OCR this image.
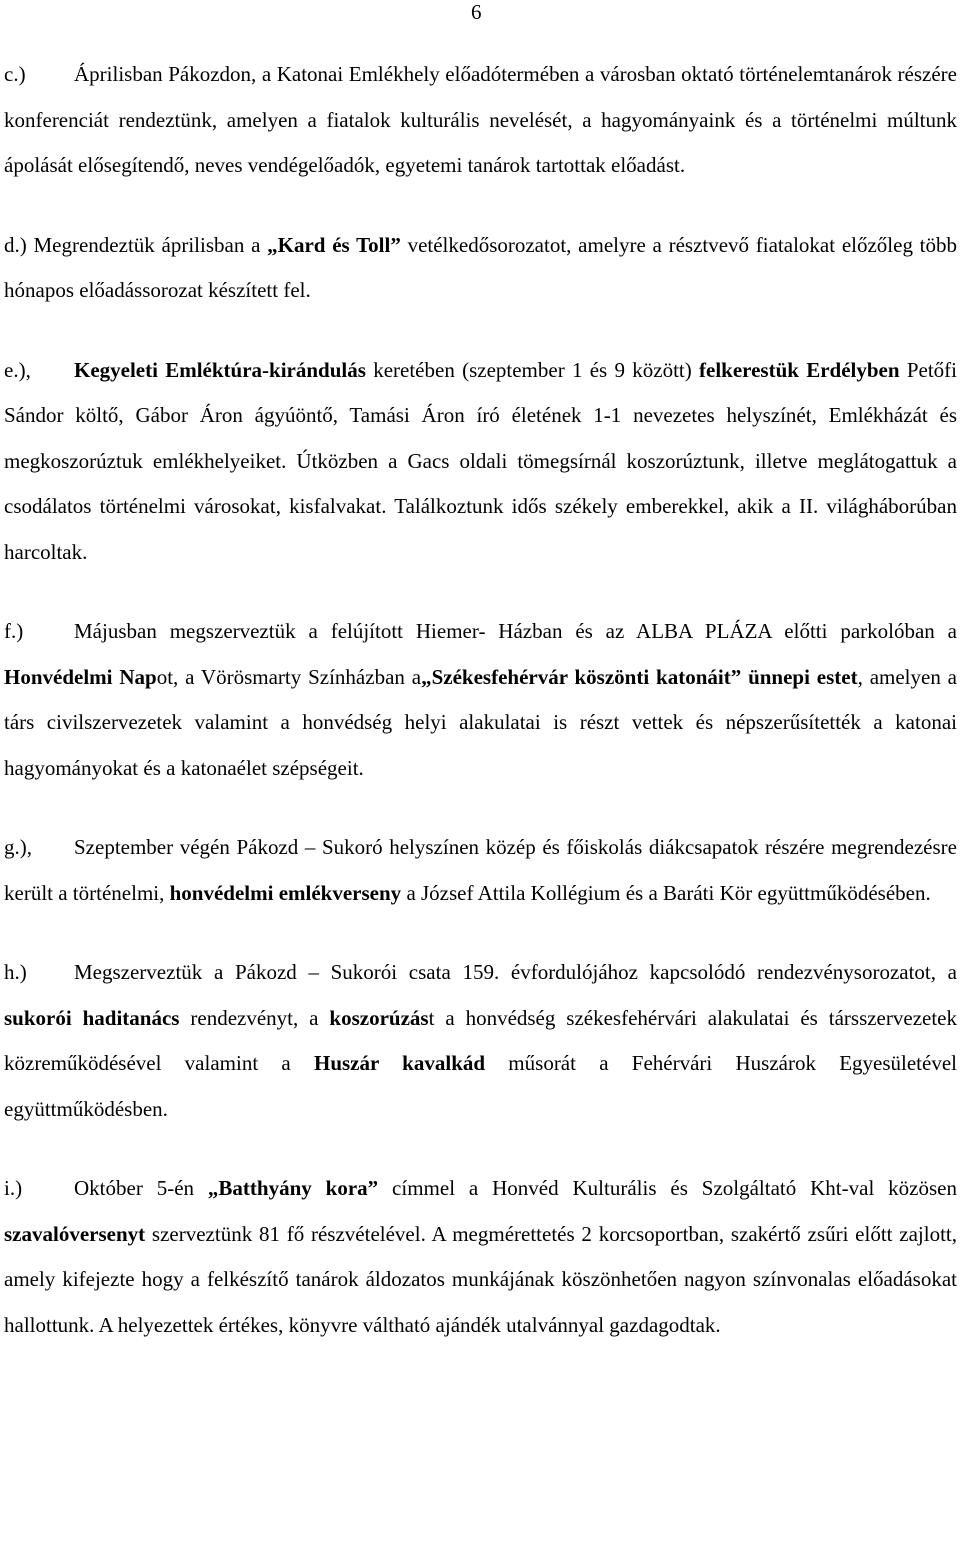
6

c.) Áprilisban Pákozdon, a Katonai Emlékhely előadótermében a városban oktató történelemtanárok részére konferenciát rendeztünk, amelyen a fiatalok kulturális nevelését, a hagyományaink és a történelmi múltunk ápolását elősegítendő, neves vendégelőadók, egyetemi tanárok tartottak előadást.

d.) Megrendeztük áprilisban a „Kard és Toll” vetélkedősorozatot, amelyre a résztvevő fiatalokat előzőleg több hónapos előadássorozat készített fel.

e.), Kegyeleti Emléktúra-kirándulás keretében (szeptember 1 és 9 között) felkerestük Erdélyben Petőfi Sándor költő, Gábor Áron ágyúöntő, Tamási Áron író életének 1-1 nevezetes helyszínét, Emlékházát és megkoszorúztuk emlékhelyeiket. Útközben a Gacs oldali tömegsírnál koszorúztunk, illetve meglátogattuk a csodálatos történelmi városokat, kisfalvakat. Találkoztunk idős székely emberekkel, akik a II. világháborúban harcoltak.

f.) Májusban megszerveztük a felújított Hiemer- Házban és az ALBA PLÁZA előtti parkolóban a Honvédelmi Napot, a Vörösmarty Színházban a„Székesfehérvár köszönti katonáit” ünnepi estet, amelyen a társ civilszervezetek valamint a honvédség helyi alakulatai is részt vettek és népszerűsítették a katonai hagyományokat és a katonaélet szépségeit.

g.), Szeptember végén Pákozd – Sukoró helyszínen közép és főiskolás diákcsapatok részére megrendezésre került a történelmi, honvédelmi emlékverseny a József Attila Kollégium és a Baráti Kör együttműködésében.

h.) Megszerveztük a Pákozd – Sukorói csata 159. évfordulójához kapcsolódó rendezvénysorozatot, a sukorói haditanács rendezvényt, a koszorúzást a honvédség székesfehérvári alakulatai és társszervezetek közreműködésével valamint a Huszár kavalkád műsorát a Fehérvári Huszárok Egyesületével együttműködésben.

i.) Október 5-én „Batthyány kora” címmel a Honvéd Kulturális és Szolgáltató Kht-val közösen szavalóversenyt szerveztünk 81 fő részvételével. A megmérettetés 2 korcsoportban, szakértő zsűri előtt zajlott, amely kifejezte hogy a felkészítő tanárok áldozatos munkájának köszönhetően nagyon színvonalas előadásokat hallottunk. A helyezettek értékes, könyvre váltható ajándék utalvánnyal gazdagodtak.
